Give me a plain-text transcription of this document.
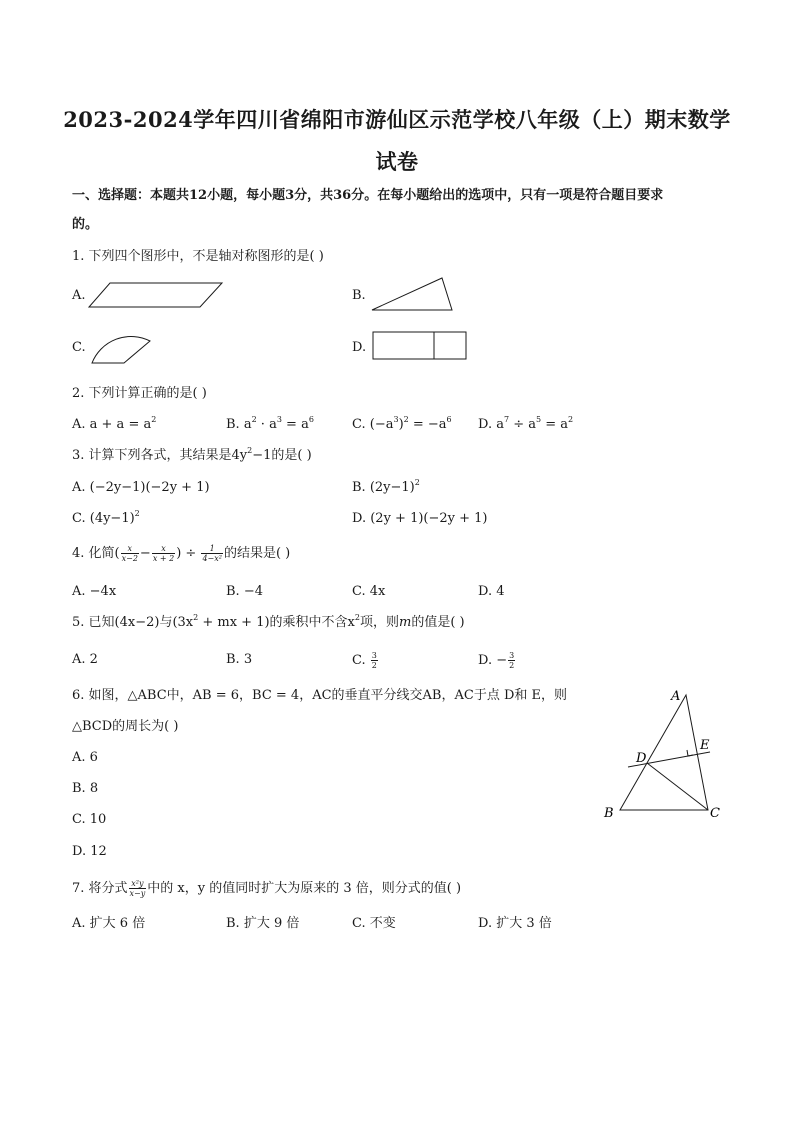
2023-2024学年四川省绵阳市游仙区示范学校八年级（上）期末数学
试卷
一、选择题：本题共12小题，每小题3分，共36分。在每小题给出的选项中，只有一项是符合题目要求
的。
1. 下列四个图形中，不是轴对称图形的是( )
A.	B.
C.	D.
2. 下列计算正确的是( )
A. $a + a = a^2$	B. $a^2 \cdot a^3 = a^6$	C. $(-a^3)^2 = -a^6$ D. $a^7 \div a^5 = a^2$
3. 计算下列各式，其结果是$4y^2-1$的是( )
A. (−2y−1)(−2y + 1)	B. $(2y-1)^2$
C. $(4y-1)^2$	D. (2y + 1)(−2y + 1)
4. 化简( $\frac{x}{x-2} - \frac{x}{x + 2}$ ) ÷ $\frac{1}{\text{4−x²}}$ 的结果是( )
A. −4x	B. −4	C. 4x	D. 4
5. 已知(4x−2)与($3x^2$ + mx + 1)的乘积中不含$x^2$项，则m的值是( )
A. 2	B. 3	C. $\frac{3}{2}$	D. − $\frac{3}{2}$
6. 如图，△ABC中，AB = 6，BC = 4，AC的垂直平分线交AB，AC于点 D和 E，则
△BCD的周长为( )
A. 6
B. 8
C. 10
D. 12
A
B	C
D
E
7. 将分式 $\frac{\text{x²y}}{x-y}$ 中的 x，y 的值同时扩大为原来的 3 倍，则分式的值( )
A. 扩大 6 倍	B. 扩大 9 倍	C. 不变	D. 扩大 3 倍
